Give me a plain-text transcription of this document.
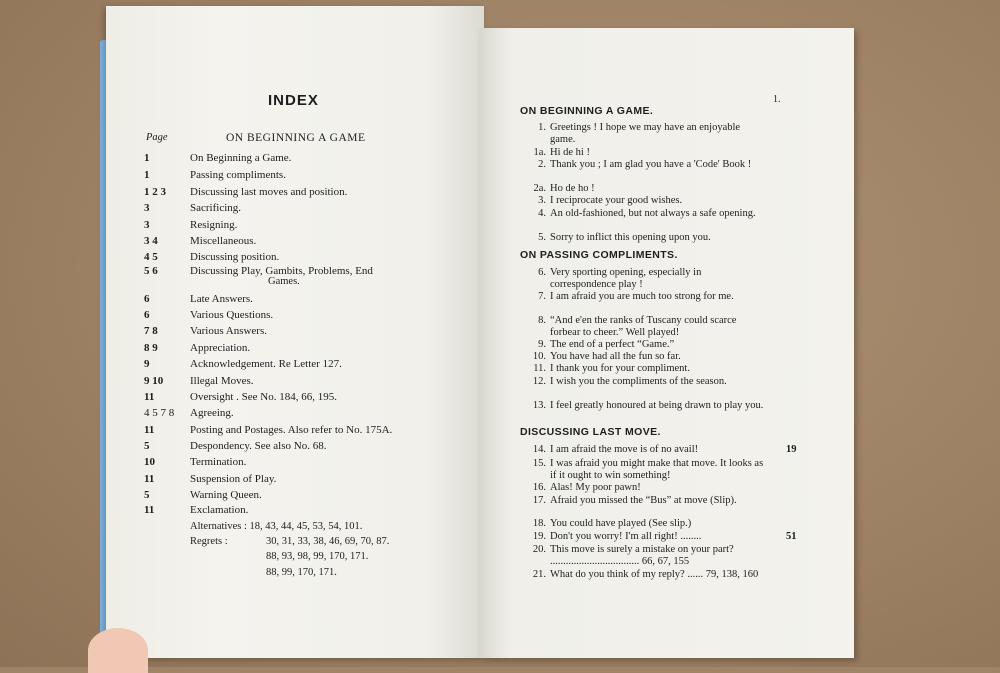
INDEX
Page	ON BEGINNING A GAME
1	On Beginning a Game.
1	Passing compliments.
1 2 3	Discussing last moves and position.
3	Sacrificing.
3	Resigning.
3 4	Miscellaneous.
4 5	Discussing position.
5 6	Discussing Play, Gambits, Problems, End
Games.
6	Late Answers.
6	Various Questions.
7 8	Various Answers.
8 9	Appreciation.
9	Acknowledgement. Re Letter 127.
9 10	Illegal Moves.
11	Oversight . See No. 184, 66, 195.
4 5 7 8	Agreeing.
11	Posting and Postages. Also refer to No. 175A.
5	Despondency. See also No. 68.
10	Termination.
11	Suspension of Play.
5	Warning Queen.
11	Exclamation.
Alternatives : 18, 43, 44, 45, 53, 54, 101.
Regrets :	30, 31, 33, 38, 46, 69, 70, 87.
88, 93, 98, 99, 170, 171.
88, 99, 170, 171.
1.
ON BEGINNING A GAME.
1. Greetings ! I hope we may have an enjoyable game.
1a. Hi de hi !
2. Thank you ; I am glad you have a 'Code' Book !
2a. Ho de ho !
3. I reciprocate your good wishes.
4. An old-fashioned, but not always a safe opening.
5. Sorry to inflict this opening upon you.
ON PASSING COMPLIMENTS.
6. Very sporting opening, especially in correspondence play !
7. I am afraid you are much too strong for me.
8. “And e'en the ranks of Tuscany could scarce forbear to cheer.” Well played!
9. The end of a perfect “Game.”
10. You have had all the fun so far.
11. I thank you for your compliment.
12. I wish you the compliments of the season.
13. I feel greatly honoured at being drawn to play you.
DISCUSSING LAST MOVE.
14. I am afraid the move is of no avail!	19
15. I was afraid you might make that move. It looks as if it ought to win something!
16. Alas! My poor pawn!
17. Afraid you missed the “Bus” at move (Slip).
18. You could have played (See slip.)
19. Don't you worry! I'm all right! ........	51
20. This move is surely a mistake on your part? .................................. 66, 67, 155
21. What do you think of my reply? ...... 79, 138, 160
